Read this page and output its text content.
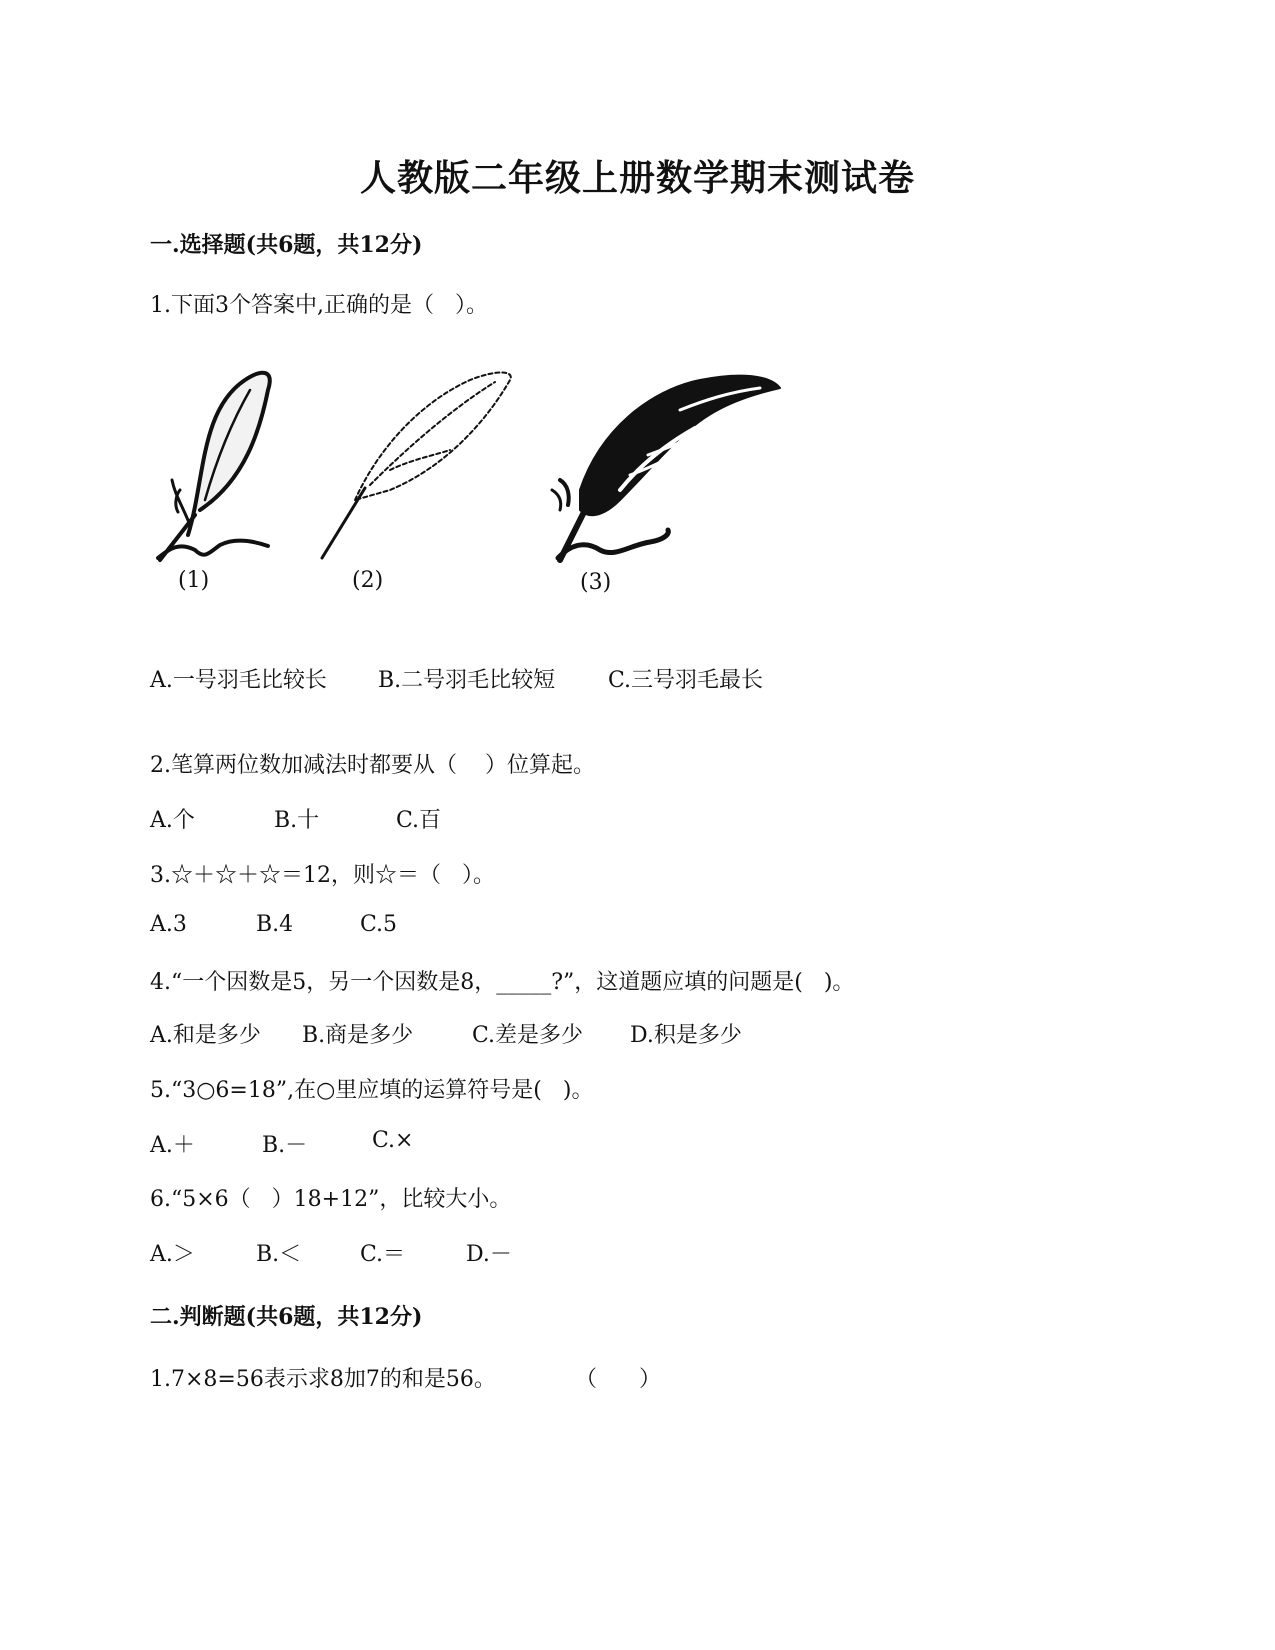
人教版二年级上册数学期末测试卷
一.选择题(共6题，共12分)
1.下面3个答案中,正确的是（   ）。
(1)	(2)	(3)
A.一号羽毛比较长 B.二号羽毛比较短 C.三号羽毛最长
2.笔算两位数加减法时都要从（    ）位算起。
A.个	B.十	C.百
3.☆＋☆＋☆＝12，则☆＝（   ）。
A.3	B.4	C.5
4.“一个因数是5，另一个因数是8，_____?”，这道题应填的问题是(   )。
A.和是多少 B.商是多少	C.差是多少 D.积是多少
5.“3○6=18”,在○里应填的运算符号是(   )。
A.＋	B.－	C.×
6.“5×6（   ）18+12”，比较大小。
A.＞	B.＜	C.＝	D.－
二.判断题(共6题，共12分)
1.7×8=56表示求8加7的和是56。	（      ）
